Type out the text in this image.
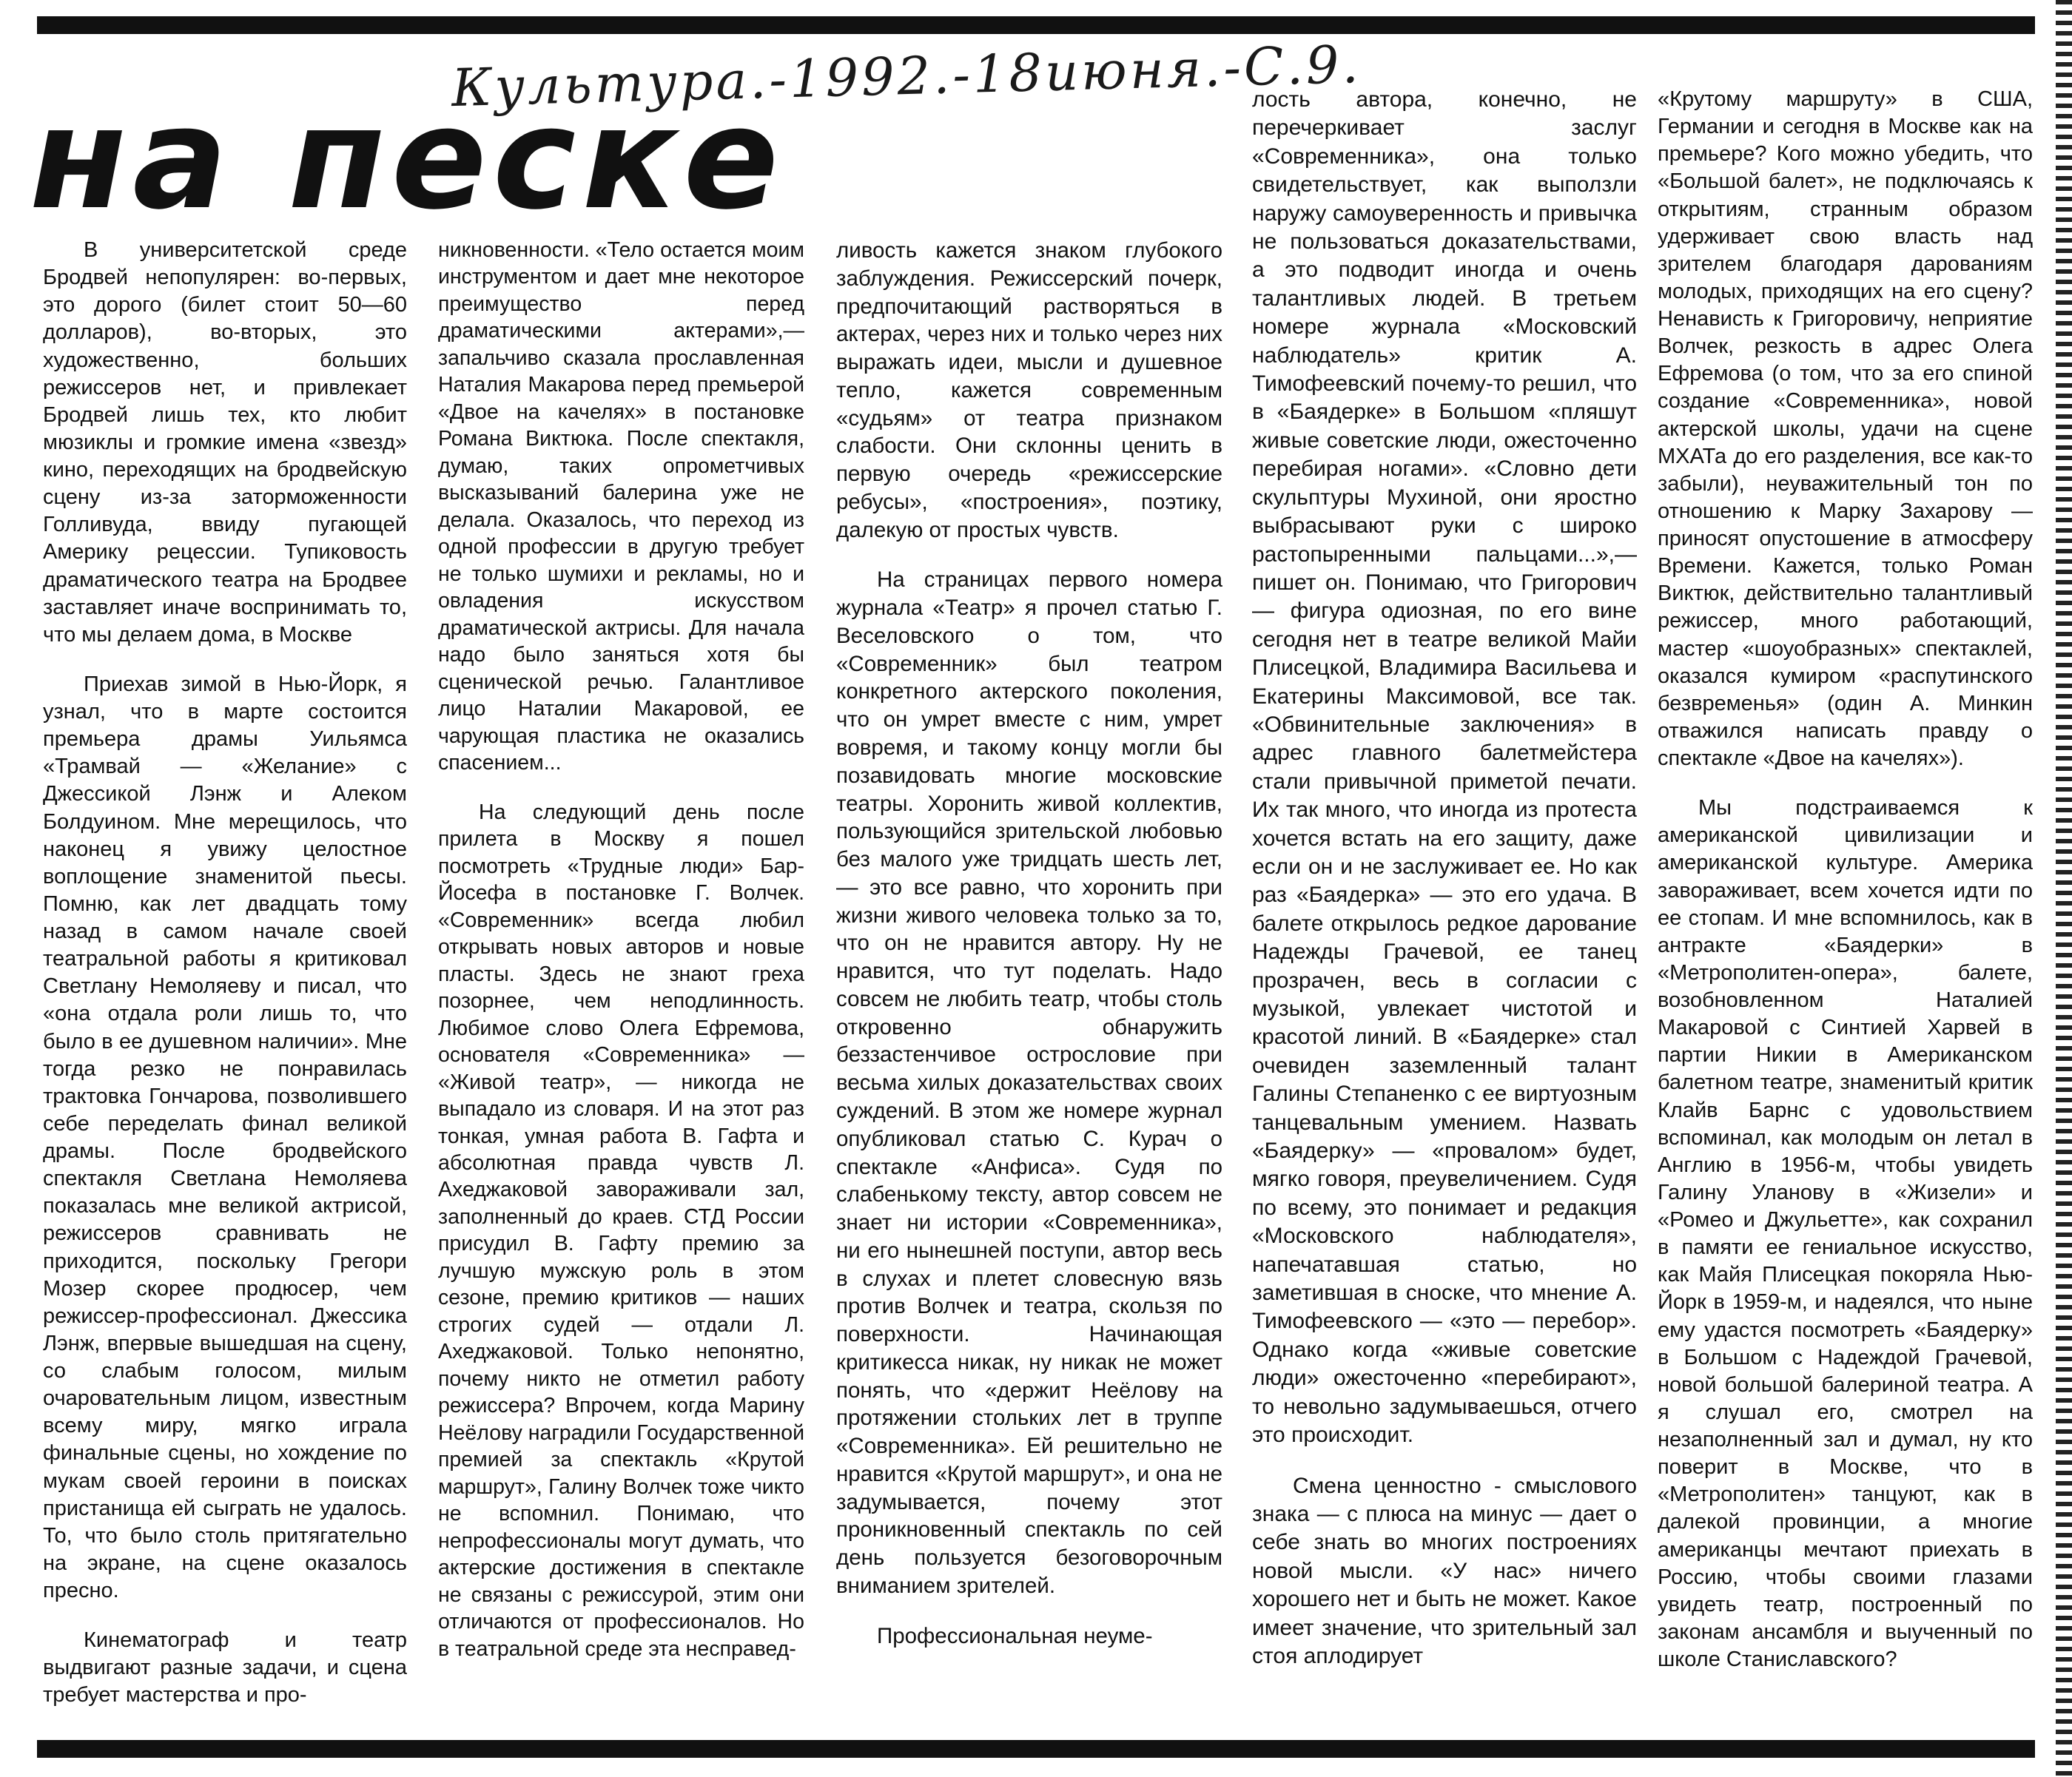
Культура.-1992.-18июня.-С.9.
на песке

В университетской среде Бродвей непопулярен: во-первых, это дорого (билет стоит 50—60 долларов), во-вторых, это художественно, больших режиссеров нет, и привлекает Бродвей лишь тех, кто любит мюзиклы и громкие имена «звезд» кино, переходящих на бродвейскую сцену из-за заторможенности Голливуда, ввиду пугающей Америку рецессии. Тупиковость драматического театра на Бродвее заставляет иначе воспринимать то, что мы делаем дома, в Москве

Приехав зимой в Нью-Йорк, я узнал, что в марте состоится премьера драмы Уильямса «Трамвай — «Желание» с Джессикой Лэнж и Алеком Болдуином. Мне мерещилось, что наконец я увижу целостное воплощение знаменитой пьесы. Помню, как лет двадцать тому назад в самом начале своей театральной работы я критиковал Светлану Немоляеву и писал, что «она отдала роли лишь то, что было в ее душевном наличии». Мне тогда резко не понравилась трактовка Гончарова, позволившего себе переделать финал великой драмы. После бродвейского спектакля Светлана Немоляева показалась мне великой актрисой, режиссеров сравнивать не приходится, поскольку Грегори Мозер скорее продюсер, чем режиссер-профессионал. Джессика Лэнж, впервые вышедшая на сцену, со слабым голосом, милым очаровательным лицом, известным всему миру, мягко играла финальные сцены, но хождение по мукам своей героини в поисках пристанища ей сыграть не удалось. То, что было столь притягательно на экране, на сцене оказалось пресно.

Кинематограф и театр выдвигают разные задачи, и сцена требует мастерства и про-

никновенности. «Тело остается моим инструментом и дает мне некоторое преимущество перед драматическими актерами»,— запальчиво сказала прославленная Наталия Макарова перед премьерой «Двое на качелях» в постановке Романа Виктюка. После спектакля, думаю, таких опрометчивых высказываний балерина уже не делала. Оказалось, что переход из одной профессии в другую требует не только шумихи и рекламы, но и овладения искусством драматической актрисы. Для начала надо было заняться хотя бы сценической речью. Галантливое лицо Наталии Макаровой, ее чарующая пластика не оказались спасением...

На следующий день после прилета в Москву я пошел посмотреть «Трудные люди» Бар-Йосефа в постановке Г. Волчек. «Современник» всегда любил открывать новых авторов и новые пласты. Здесь не знают греха позорнее, чем неподлинность. Любимое слово Олега Ефремова, основателя «Современника» — «Живой театр», — никогда не выпадало из словаря. И на этот раз тонкая, умная работа В. Гафта и абсолютная правда чувств Л. Ахеджаковой завораживали зал, заполненный до краев. СТД России присудил В. Гафту премию за лучшую мужскую роль в этом сезоне, премию критиков — наших строгих судей — отдали Л. Ахеджаковой. Только непонятно, почему никто не отметил работу режиссера? Впрочем, когда Марину Неёлову наградили Государственной премией за спектакль «Крутой маршрут», Галину Волчек тоже чикто не вспомнил. Понимаю, что непрофессионалы могут думать, что актерские достижения в спектакле не связаны с режиссурой, этим они отличаются от профессионалов. Но в театральной среде эта несправед-

ливость кажется знаком глубокого заблуждения. Режиссерский почерк, предпочитающий растворяться в актерах, через них и только через них выражать идеи, мысли и душевное тепло, кажется современным «судьям» от театра признаком слабости. Они склонны ценить в первую очередь «режиссерские ребусы», «построения», поэтику, далекую от простых чувств.

На страницах первого номера журнала «Театр» я прочел статью Г. Веселовского о том, что «Современник» был театром конкретного актерского поколения, что он умрет вместе с ним, умрет вовремя, и такому концу могли бы позавидовать многие московские театры. Хоронить живой коллектив, пользующийся зрительской любовью без малого уже тридцать шесть лет, — это все равно, что хоронить при жизни живого человека только за то, что он не нравится автору. Ну не нравится, что тут поделать. Надо совсем не любить театр, чтобы столь откровенно обнаружить беззастенчивое острословие при весьма хилых доказательствах своих суждений. В этом же номере журнал опубликовал статью С. Курач о спектакле «Анфиса». Судя по слабенькому тексту, автор совсем не знает ни истории «Современника», ни его нынешней поступи, автор весь в слухах и плетет словесную вязь против Волчек и театра, скользя по поверхности. Начинающая критикесса никак, ну никак не может понять, что «держит Неёлову на протяжении стольких лет в труппе «Современника». Ей решительно не нравится «Крутой маршрут», и она не задумывается, почему этот проникновенный спектакль по сей день пользуется безоговорочным вниманием зрителей.

Профессиональная неуме-

лость автора, конечно, не перечеркивает заслуг «Современника», она только свидетельствует, как выползли наружу самоуверенность и привычка не пользоваться доказательствами, а это подводит иногда и очень талантливых людей. В третьем номере журнала «Московский наблюдатель» критик А. Тимофеевский почему-то решил, что в «Баядерке» в Большом «пляшут живые советские люди, ожесточенно перебирая ногами». «Словно дети скульптуры Мухиной, они яростно выбрасывают руки с широко растопыренными пальцами...»,— пишет он. Понимаю, что Григорович — фигура одиозная, по его вине сегодня нет в театре великой Майи Плисецкой, Владимира Васильева и Екатерины Максимовой, все так. «Обвинительные заключения» в адрес главного балетмейстера стали привычной приметой печати. Их так много, что иногда из протеста хочется встать на его защиту, даже если он и не заслуживает ее. Но как раз «Баядерка» — это его удача. В балете открылось редкое дарование Надежды Грачевой, ее танец прозрачен, весь в согласии с музыкой, увлекает чистотой и красотой линий. В «Баядерке» стал очевиден заземленный талант Галины Степаненко с ее виртуозным танцевальным умением. Назвать «Баядерку» — «провалом» будет, мягко говоря, преувеличением. Судя по всему, это понимает и редакция «Московского наблюдателя», напечатавшая статью, но заметившая в сноске, что мнение А. Тимофеевского — «это — перебор». Однако когда «живые советские люди» ожесточенно «перебирают», то невольно задумываешься, отчего это происходит.

Смена ценностно - смыслового знака — с плюса на минус — дает о себе знать во многих построениях новой мысли. «У нас» ничего хорошего нет и быть не может. Какое имеет значение, что зрительный зал стоя аплодирует

«Крутому маршруту» в США, Германии и сегодня в Москве как на премьере? Кого можно убедить, что «Большой балет», не подключаясь к открытиям, странным образом удерживает свою власть над зрителем благодаря дарованиям молодых, приходящих на его сцену? Ненависть к Григоровичу, неприятие Волчек, резкость в адрес Олега Ефремова (о том, что за его спиной создание «Современника», новой актерской школы, удачи на сцене МХАТа до его разделения, все как-то забыли), неуважительный тон по отношению к Марку Захарову — приносят опустошение в атмосферу Времени. Кажется, только Роман Виктюк, действительно талантливый режиссер, много работающий, мастер «шоуобразных» спектаклей, оказался кумиром «распутинского безвременья» (один А. Минкин отважился написать правду о спектакле «Двое на качелях»).

Мы подстраиваемся к американской цивилизации и американской культуре. Америка завораживает, всем хочется идти по ее стопам. И мне вспомнилось, как в антракте «Баядерки» в «Метрополитен-опера», балете, возобновленном Наталией Макаровой с Синтией Харвей в партии Никии в Американском балетном театре, знаменитый критик Клайв Барнс с удовольствием вспоминал, как молодым он летал в Англию в 1956-м, чтобы увидеть Галину Уланову в «Жизели» и «Ромео и Джульетте», как сохранил в памяти ее гениальное искусство, как Майя Плисецкая покоряла Нью-Йорк в 1959-м, и надеялся, что ныне ему удастся посмотреть «Баядерку» в Большом с Надеждой Грачевой, новой большой балериной театра. А я слушал его, смотрел на незаполненный зал и думал, ну кто поверит в Москве, что в «Метрополитен» танцуют, как в далекой провинции, а многие американцы мечтают приехать в Россию, чтобы своими глазами увидеть театр, построенный по законам ансамбля и выученный по школе Станиславского?
